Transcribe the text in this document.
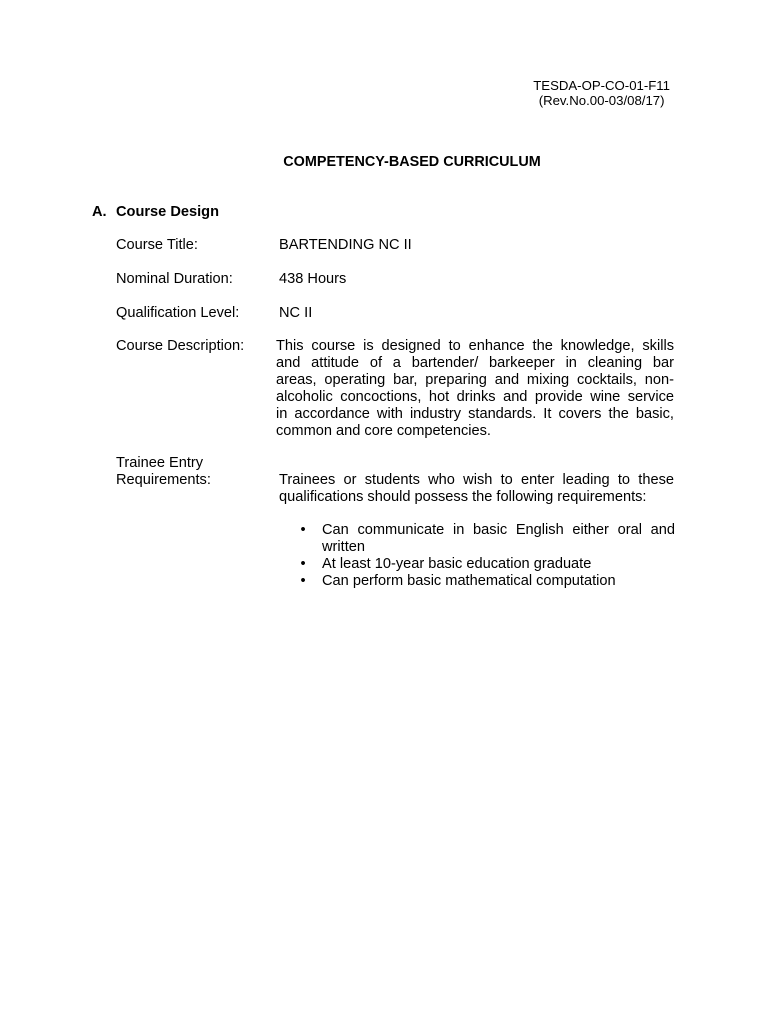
TESDA-OP-CO-01-F11
(Rev.No.00-03/08/17)
COMPETENCY-BASED CURRICULUM
A. Course Design
Course Title:	BARTENDING NC II
Nominal Duration:	438 Hours
Qualification Level:	NC II
Course Description: This course is designed to enhance the knowledge, skills
and attitude of a bartender/ barkeeper in cleaning bar
areas, operating bar, preparing and mixing cocktails, non-
alcoholic concoctions, hot drinks and provide wine service
in accordance with industry standards. It covers the basic,
common and core competencies.
Trainee Entry
Requirements:	Trainees or students who wish to enter leading to these
qualifications should possess the following requirements:
• Can communicate in basic English either oral and written
• At least 10-year basic education graduate
• Can perform basic mathematical computation
